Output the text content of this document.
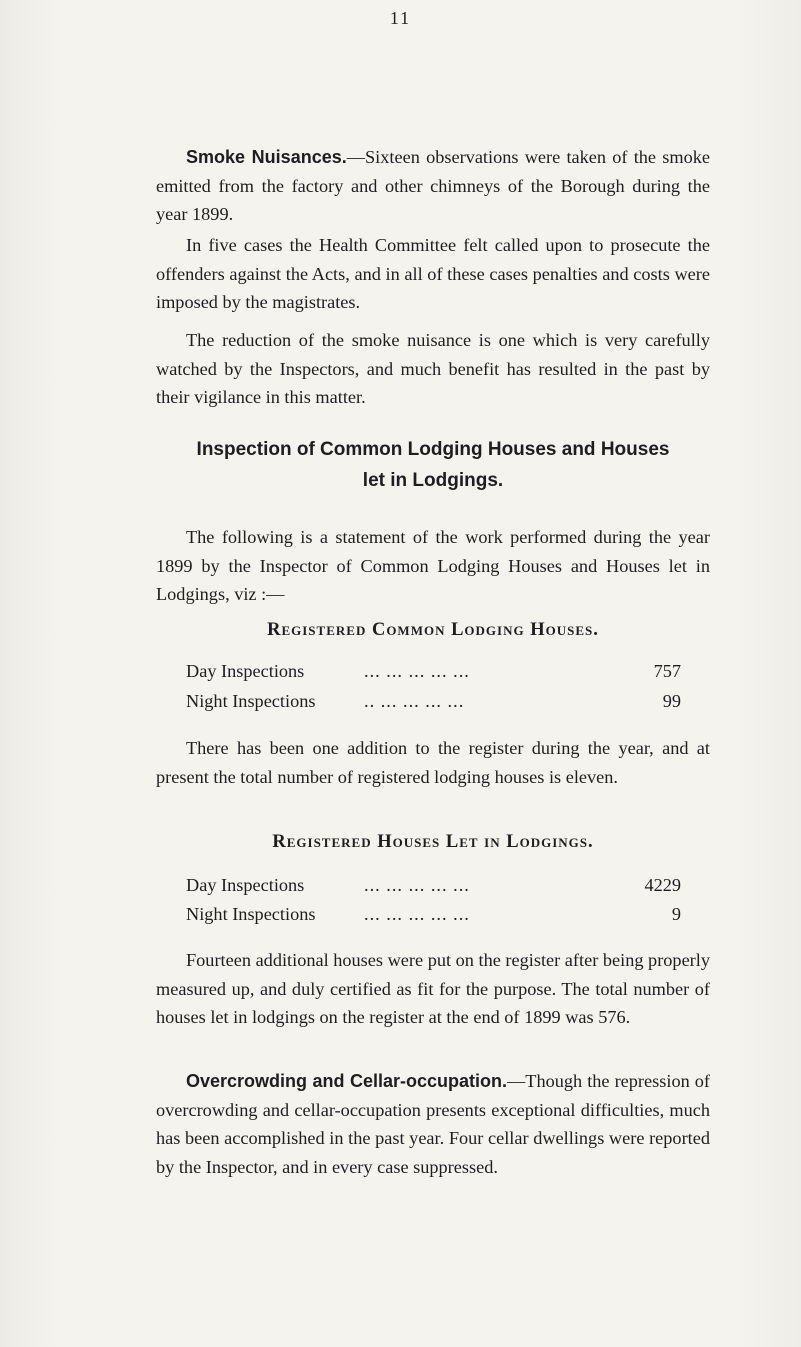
11

Smoke Nuisances.—Sixteen observations were taken of the smoke emitted from the factory and other chimneys of the Borough during the year 1899.

In five cases the Health Committee felt called upon to prosecute the offenders against the Acts, and in all of these cases penalties and costs were imposed by the magistrates.

The reduction of the smoke nuisance is one which is very carefully watched by the Inspectors, and much benefit has resulted in the past by their vigilance in this matter.

Inspection of Common Lodging Houses and Houses
let in Lodgings.

The following is a statement of the work performed during the year 1899 by the Inspector of Common Lodging Houses and Houses let in Lodgings, viz :—

Registered Common Lodging Houses.
Day Inspections	... ... ... ... ...	757
Night Inspections	.. ... ... ... ...	99

There has been one addition to the register during the year, and at present the total number of registered lodging houses is eleven.

Registered Houses Let in Lodgings.
Day Inspections	... ... ... ... ...	4229
Night Inspections	... ... ... ... ...	9

Fourteen additional houses were put on the register after being properly measured up, and duly certified as fit for the purpose. The total number of houses let in lodgings on the register at the end of 1899 was 576.

Overcrowding and Cellar-occupation.—Though the repression of overcrowding and cellar-occupation presents exceptional difficulties, much has been accomplished in the past year. Four cellar dwellings were reported by the Inspector, and in every case suppressed.
